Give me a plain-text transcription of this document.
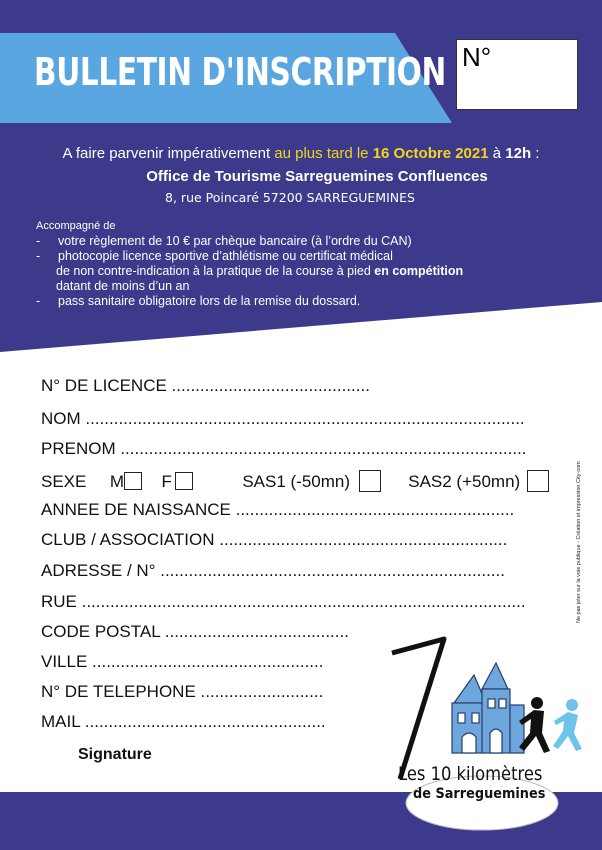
BULLETIN D'INSCRIPTION N°
A faire parvenir impérativement au plus tard le 16 Octobre 2021 à 12h :
Office de Tourisme Sarreguemines Confluences
8, rue Poincaré 57200 SARREGUEMINES
Accompagné de
- votre règlement de 10 € par chèque bancaire (à l’ordre du CAN)
- photocopie licence sportive d’athlétisme ou certificat médical
de non contre-indication à la pratique de la course à pied en compétition
datant de moins d’un an
- pass sanitaire obligatoire lors de la remise du dossard.
N° DE LICENCE ..........................................
NOM .............................................................................................
PRENOM ......................................................................................
SEXE M F	SAS1 (-50mn)	SAS2 (+50mn)
ANNEE DE NAISSANCE ...........................................................
CLUB / ASSOCIATION .............................................................
ADRESSE / N° .........................................................................
RUE ..............................................................................................
CODE POSTAL .......................................
VILLE .................................................
N° DE TELEPHONE ..........................
MAIL ...................................................
Signature
Ne pas jeter sur la voie publique - Création et impression City-com
Les 10 kilomètres
de Sarreguemines
